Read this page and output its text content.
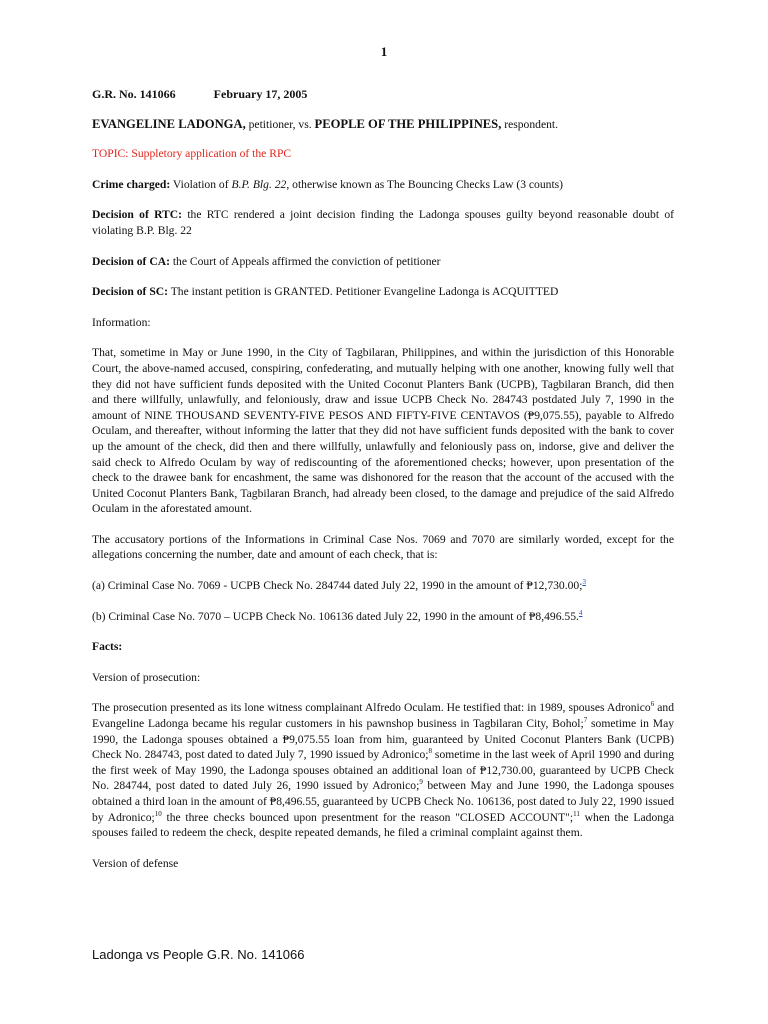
1

G.R. No. 141066	February 17, 2005

EVANGELINE LADONGA, petitioner, vs. PEOPLE OF THE PHILIPPINES, respondent.

TOPIC: Suppletory application of the RPC

Crime charged: Violation of B.P. Blg. 22, otherwise known as The Bouncing Checks Law (3 counts)

Decision of RTC: the RTC rendered a joint decision finding the Ladonga spouses guilty beyond reasonable doubt of violating B.P. Blg. 22

Decision of CA: the Court of Appeals affirmed the conviction of petitioner

Decision of SC: The instant petition is GRANTED. Petitioner Evangeline Ladonga is ACQUITTED

Information:

That, sometime in May or June 1990, in the City of Tagbilaran, Philippines, and within the jurisdiction of this Honorable Court, the above-named accused, conspiring, confederating, and mutually helping with one another, knowing fully well that they did not have sufficient funds deposited with the United Coconut Planters Bank (UCPB), Tagbilaran Branch, did then and there willfully, unlawfully, and feloniously, draw and issue UCPB Check No. 284743 postdated July 7, 1990 in the amount of NINE THOUSAND SEVENTY-FIVE PESOS AND FIFTY-FIVE CENTAVOS (₱9,075.55), payable to Alfredo Oculam, and thereafter, without informing the latter that they did not have sufficient funds deposited with the bank to cover up the amount of the check, did then and there willfully, unlawfully and feloniously pass on, indorse, give and deliver the said check to Alfredo Oculam by way of rediscounting of the aforementioned checks; however, upon presentation of the check to the drawee bank for encashment, the same was dishonored for the reason that the account of the accused with the United Coconut Planters Bank, Tagbilaran Branch, had already been closed, to the damage and prejudice of the said Alfredo Oculam in the aforestated amount.

The accusatory portions of the Informations in Criminal Case Nos. 7069 and 7070 are similarly worded, except for the allegations concerning the number, date and amount of each check, that is:

(a) Criminal Case No. 7069 - UCPB Check No. 284744 dated July 22, 1990 in the amount of ₱12,730.00;$^3$

(b) Criminal Case No. 7070 – UCPB Check No. 106136 dated July 22, 1990 in the amount of ₱8,496.55.$^4$

Facts:

Version of prosecution:

The prosecution presented as its lone witness complainant Alfredo Oculam. He testified that: in 1989, spouses Adronico$^6$ and Evangeline Ladonga became his regular customers in his pawnshop business in Tagbilaran City, Bohol;$^7$ sometime in May 1990, the Ladonga spouses obtained a ₱9,075.55 loan from him, guaranteed by United Coconut Planters Bank (UCPB) Check No. 284743, post dated to dated July 7, 1990 issued by Adronico;$^8$ sometime in the last week of April 1990 and during the first week of May 1990, the Ladonga spouses obtained an additional loan of ₱12,730.00, guaranteed by UCPB Check No. 284744, post dated to dated July 26, 1990 issued by Adronico;$^9$ between May and June 1990, the Ladonga spouses obtained a third loan in the amount of ₱8,496.55, guaranteed by UCPB Check No. 106136, post dated to July 22, 1990 issued by Adronico;$^{10}$ the three checks bounced upon presentment for the reason "CLOSED ACCOUNT";$^{11}$ when the Ladonga spouses failed to redeem the check, despite repeated demands, he filed a criminal complaint against them.

Version of defense

Ladonga vs People G.R. No. 141066
